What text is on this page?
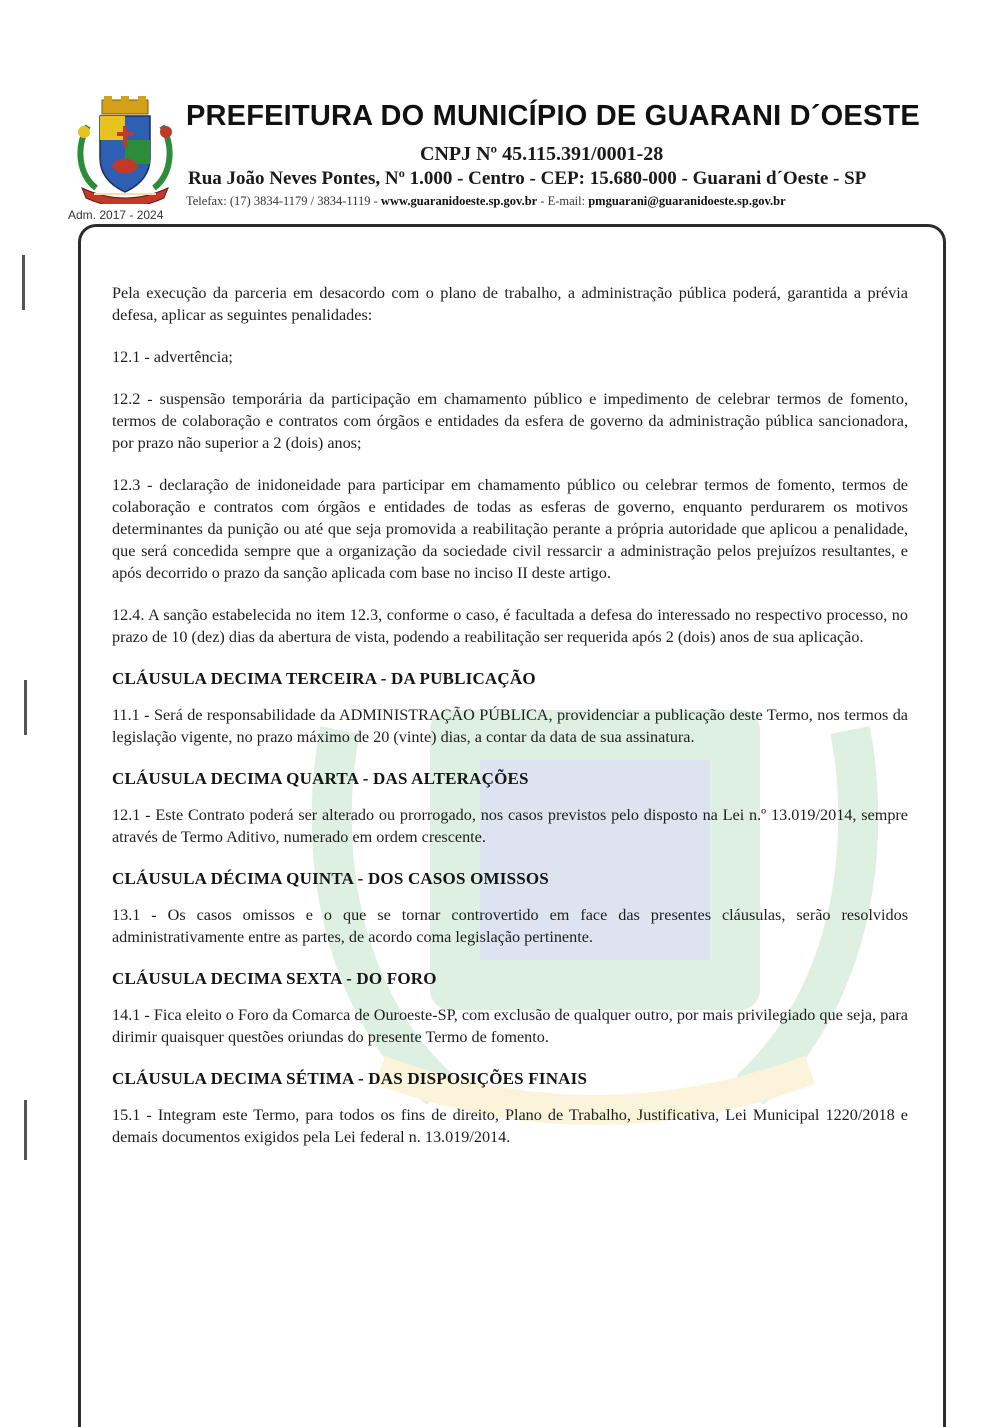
Adm. 2017 - 2024
PREFEITURA DO MUNICÍPIO DE GUARANI D´OESTE
CNPJ Nº 45.115.391/0001-28
Rua João Neves Pontes, Nº 1.000 - Centro - CEP: 15.680-000 - Guarani d´Oeste - SP
Telefax: (17) 3834-1179 / 3834-1119 - www.guaranidoeste.sp.gov.br - E-mail: pmguarani@guaranidoeste.sp.gov.br

Pela execução da parceria em desacordo com o plano de trabalho, a administração pública poderá, garantida a prévia defesa, aplicar as seguintes penalidades:

12.1 - advertência;

12.2 - suspensão temporária da participação em chamamento público e impedimento de celebrar termos de fomento, termos de colaboração e contratos com órgãos e entidades da esfera de governo da administração pública sancionadora, por prazo não superior a 2 (dois) anos;

12.3 - declaração de inidoneidade para participar em chamamento público ou celebrar termos de fomento, termos de colaboração e contratos com órgãos e entidades de todas as esferas de governo, enquanto perdurarem os motivos determinantes da punição ou até que seja promovida a reabilitação perante a própria autoridade que aplicou a penalidade, que será concedida sempre que a organização da sociedade civil ressarcir a administração pelos prejuízos resultantes, e após decorrido o prazo da sanção aplicada com base no inciso II deste artigo.

12.4. A sanção estabelecida no item 12.3, conforme o caso, é facultada a defesa do interessado no respectivo processo, no prazo de 10 (dez) dias da abertura de vista, podendo a reabilitação ser requerida após 2 (dois) anos de sua aplicação.

CLÁUSULA DECIMA TERCEIRA - DA PUBLICAÇÃO

11.1 - Será de responsabilidade da ADMINISTRAÇÃO PÚBLICA, providenciar a publicação deste Termo, nos termos da legislação vigente, no prazo máximo de 20 (vinte) dias, a contar da data de sua assinatura.

CLÁUSULA DECIMA QUARTA - DAS ALTERAÇÕES

12.1 - Este Contrato poderá ser alterado ou prorrogado, nos casos previstos pelo disposto na Lei n.º 13.019/2014, sempre através de Termo Aditivo, numerado em ordem crescente.

CLÁUSULA DÉCIMA QUINTA - DOS CASOS OMISSOS

13.1 - Os casos omissos e o que se tornar controvertido em face das presentes cláusulas, serão resolvidos administrativamente entre as partes, de acordo coma legislação pertinente.

CLÁUSULA DECIMA SEXTA - DO FORO

14.1 - Fica eleito o Foro da Comarca de Ouroeste-SP, com exclusão de qualquer outro, por mais privilegiado que seja, para dirimir quaisquer questões oriundas do presente Termo de fomento.

CLÁUSULA DECIMA SÉTIMA - DAS DISPOSIÇÕES FINAIS

15.1 - Integram este Termo, para todos os fins de direito, Plano de Trabalho, Justificativa, Lei Municipal 1220/2018 e demais documentos exigidos pela Lei federal n. 13.019/2014.
